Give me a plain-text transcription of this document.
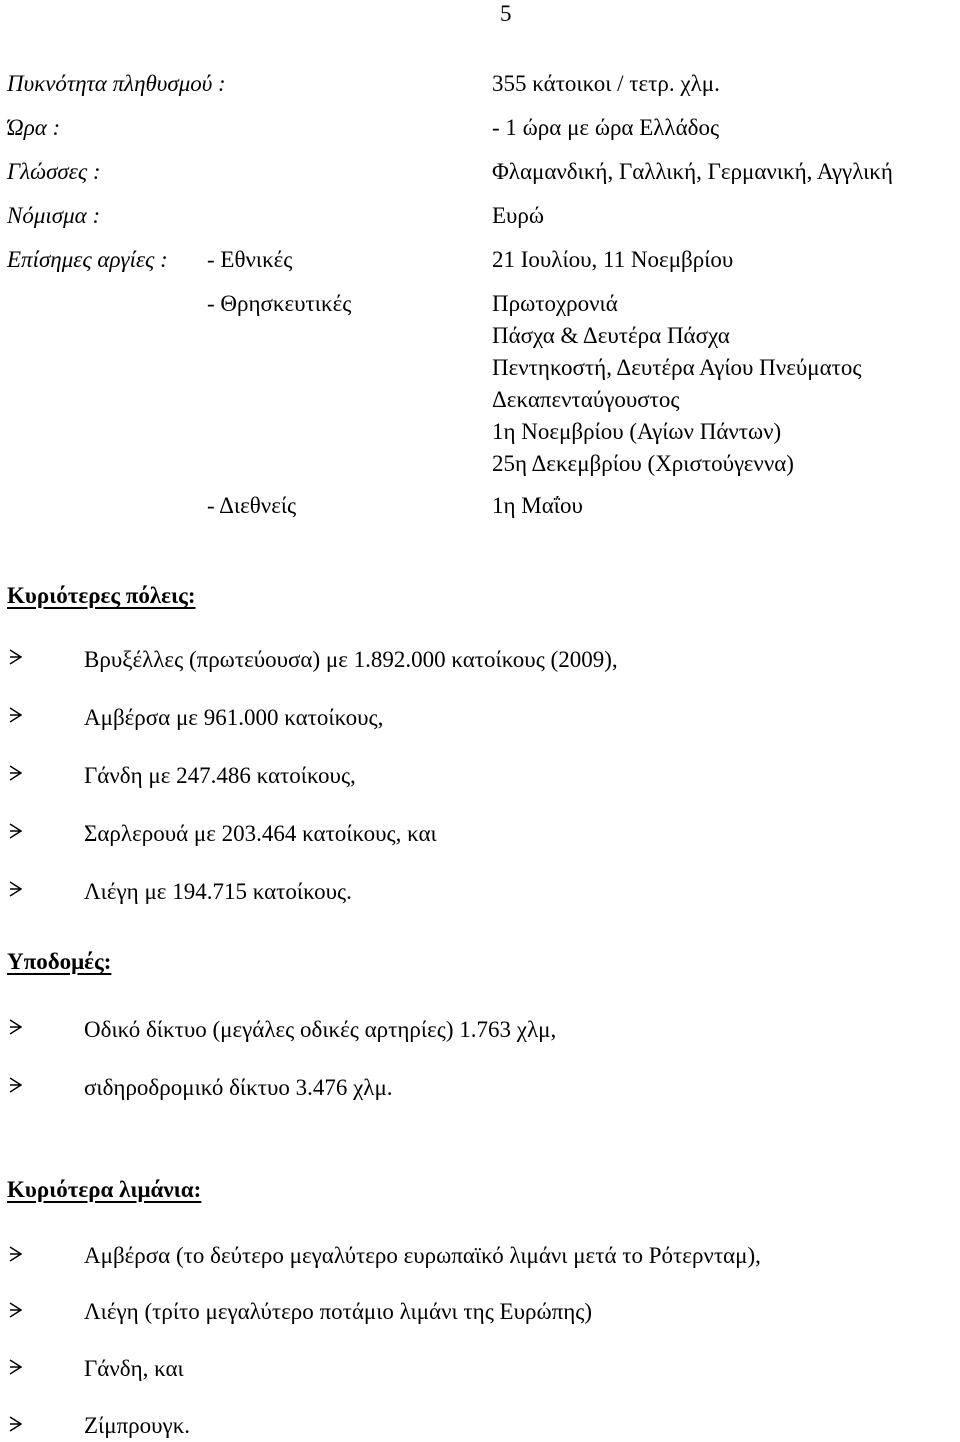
5
Πυκνότητα πληθυσμού :	355 κάτοικοι / τετρ. χλμ.
Ώρα :	- 1 ώρα με ώρα Ελλάδος
Γλώσσες :	Φλαμανδική, Γαλλική, Γερμανική, Αγγλική
Νόμισμα :	Ευρώ
Επίσημες αργίες : - Εθνικές	21 Ιουλίου, 11 Νοεμβρίου
- Θρησκευτικές	Πρωτοχρονιά
Πάσχα & Δευτέρα Πάσχα
Πεντηκοστή, Δευτέρα Αγίου Πνεύματος
Δεκαπενταύγουστος
1η Νοεμβρίου (Αγίων Πάντων)
25η Δεκεμβρίου (Χριστούγεννα)
- Διεθνείς	1η Μαΐου
Κυριότερες πόλεις:
Βρυξέλλες (πρωτεύουσα) με 1.892.000 κατοίκους (2009),
Αμβέρσα με 961.000 κατοίκους,
Γάνδη με 247.486 κατοίκους,
Σαρλερουά με 203.464 κατοίκους, και
Λιέγη με 194.715 κατοίκους.
Υποδομές:
Οδικό δίκτυο (μεγάλες οδικές αρτηρίες) 1.763 χλμ,
σιδηροδρομικό δίκτυο 3.476 χλμ.
Κυριότερα λιμάνια:
Αμβέρσα (το δεύτερο μεγαλύτερο ευρωπαϊκό λιμάνι μετά το Ρότερνταμ),
Λιέγη (τρίτο μεγαλύτερο ποτάμιο λιμάνι της Ευρώπης)
Γάνδη, και
Ζίμπρουγκ.
